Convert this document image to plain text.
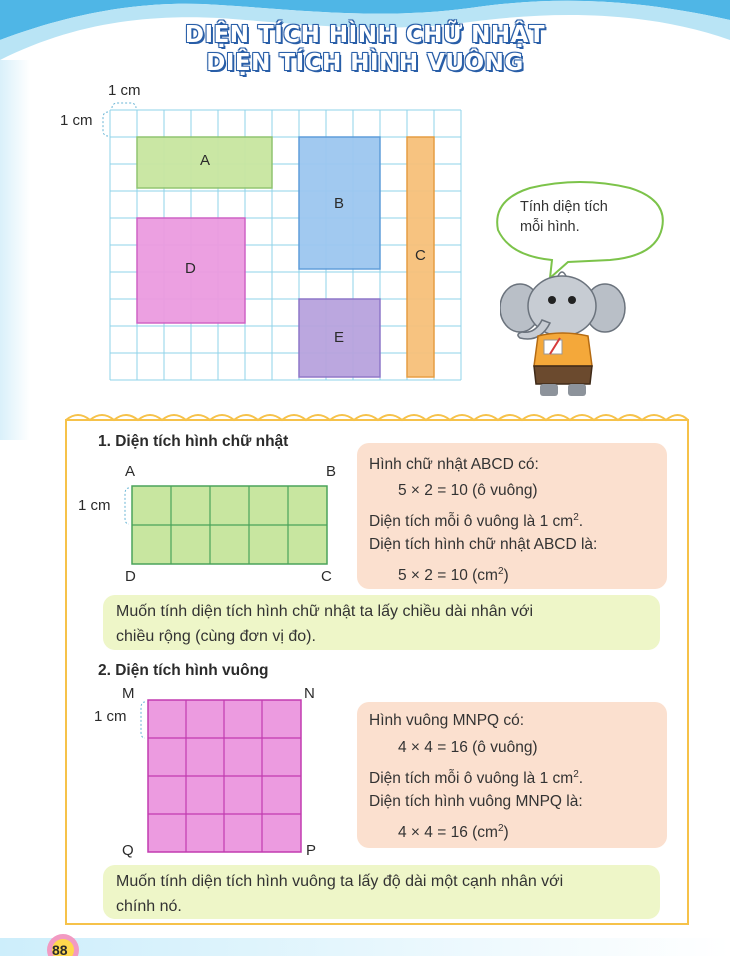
DIỆN TÍCH HÌNH CHỮ NHẬT
DIỆN TÍCH HÌNH VUÔNG
1 cm
1 cm
A
B
C
D
E
Tính diện tích
mỗi hình.
1. Diện tích hình chữ nhật
A	B
C
D
1 cm
Hình chữ nhật ABCD có:
5 × 2 = 10 (ô vuông)
Diện tích mỗi ô vuông là 1 $cm^2$.
Diện tích hình chữ nhật ABCD là:
5 × 2 = 10 $(cm^2)$
Muốn tính diện tích hình chữ nhật ta lấy chiều dài nhân với
chiều rộng (cùng đơn vị đo).
2. Diện tích hình vuông
M	N
P
Q
1 cm	Hình vuông MNPQ có:
4 × 4 = 16 (ô vuông)
Diện tích mỗi ô vuông là 1 $cm^2$.
Diện tích hình vuông MNPQ là:
4 × 4 = 16 $(cm^2)$
Muốn tính diện tích hình vuông ta lấy độ dài một cạnh nhân với
chính nó.
88
